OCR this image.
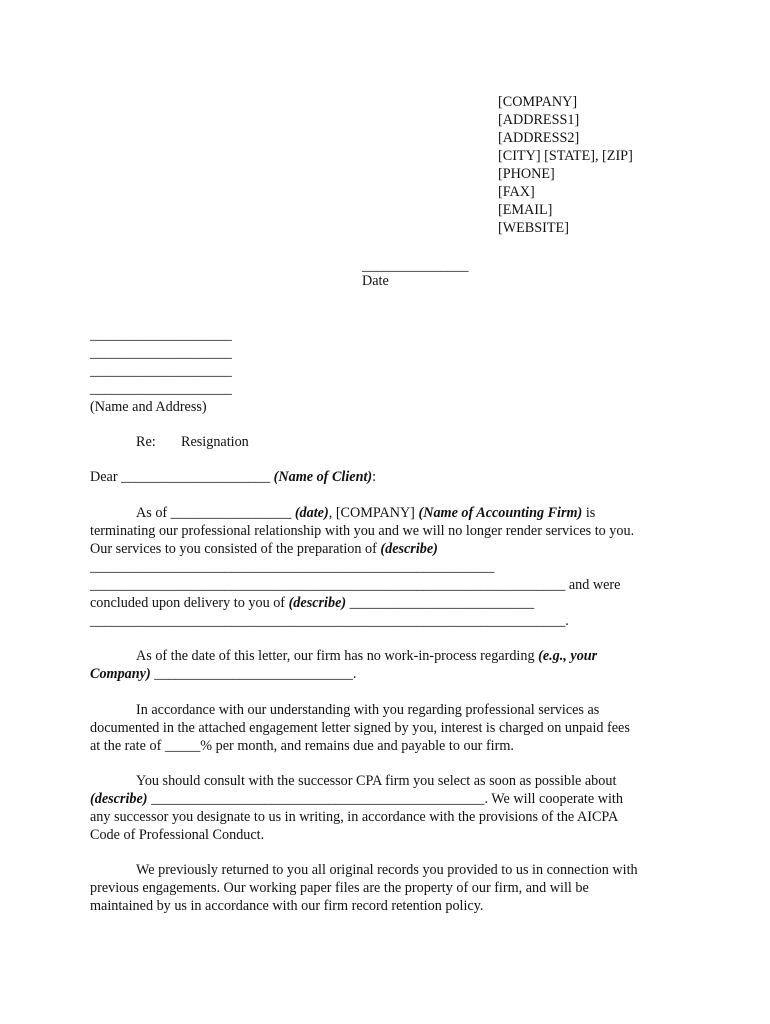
[COMPANY]
[ADDRESS1]
[ADDRESS2]
[CITY] [STATE], [ZIP]
[PHONE]
[FAX]
[EMAIL]
[WEBSITE]
_______________
Date
____________________
____________________
____________________
____________________
(Name and Address)
Re: Resignation
Dear _____________________ (Name of Client):
As of _________________ (date), [COMPANY] (Name of Accounting Firm) is
terminating our professional relationship with you and we will no longer render services to you.
Our services to you consisted of the preparation of (describe)
_________________________________________________________
___________________________________________________________________ and were
concluded upon delivery to you of (describe) __________________________
___________________________________________________________________.
As of the date of this letter, our firm has no work-in-process regarding (e.g., your
Company) ____________________________.
In accordance with our understanding with you regarding professional services as
documented in the attached engagement letter signed by you, interest is charged on unpaid fees
at the rate of _____% per month, and remains due and payable to our firm.
You should consult with the successor CPA firm you select as soon as possible about
(describe) _______________________________________________. We will cooperate with
any successor you designate to us in writing, in accordance with the provisions of the AICPA
Code of Professional Conduct.
We previously returned to you all original records you provided to us in connection with
previous engagements. Our working paper files are the property of our firm, and will be
maintained by us in accordance with our firm record retention policy.
